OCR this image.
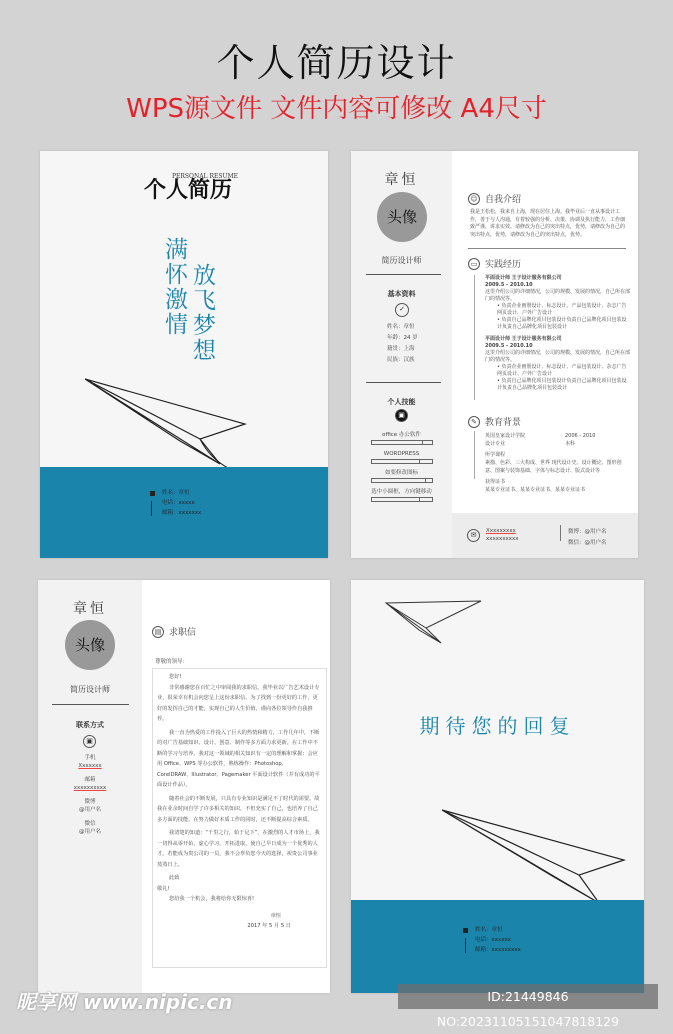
个人简历设计
WPS源文件 文件内容可修改 A4尺寸
个人简历
PERSONAL RESUME
满怀激情 放飞梦想
姓名：章恒
电话：xxxxx
邮箱：xxxxxxx
章恒
头像
简历设计师
基本资料
✓
姓名：章恒
年龄：24 岁
籍贯：上海
民族：汉族
个人技能
▣
office 办公软件
WORDPRESS
如要修改图标
选中小圆框，方向键移动
☺ 自我介绍
我是王松松，我来自上海，现在居住上海。我毕业后一直从事设计工作，善于与人沟通，有着较强的分析、决策、协调及执行能力，工作细致严谨，讲求实效。请修改为自己的突出特点，优势，请修改为自己的突出特点，优势，请修改为自己的突出特点，优势。
▭ 实践经历
平面设计师 王子设计服务有限公司
2009.5 - 2010.10
这里介绍公司的详细情况，公司的规模、发展的情况，自己所在部门的情况等。
• 负责企业画册设计、标志设计、产品包装设计、杂志广告网页设计、户外广告设计
• 负责自己品牌化项目包装设计负责自己品牌化项目包装设计负责自己品牌化项目包装设计
平面设计师 王子设计服务有限公司
2009.5 - 2010.10
这里介绍公司的详细情况，公司的规模、发展的情况，自己所在部门的情况等。
• 负责企业画册设计、标志设计、产品包装设计、杂志广告网页设计、户外广告设计
• 负责自己品牌化项目包装设计负责自己品牌化项目包装设计负责自己品牌化项目包装设计
✎ 教育背景
英国皇家设计学院	2006 - 2010
设计专业	本科
所学课程
素描、色彩、三大构成、世界 现代设计史、设计概论、图形创意、图案与装饰基础、字体与标志设计、版式设计等
获得证书
某某专业证书、某某专业证书、某某专业证书
✉	Xxxxxxxxx
xxxxxxxxxx
微博：@用户名
微信：@用户名
章恒
头像
简历设计师
联系方式
▣
手机
Xxxxxxx
邮箱
xxxxxxxxxx
微博
@用户名
微信
@用户名
▤ 求职信
尊敬的领导：
您好!
非常感谢您在百忙之中审阅我的求职信。我毕业以广告艺术设计专业，很荣幸有机会向您呈上这份求职信。为了找到一份更好的工作，更好的发挥自己的才能，实现自己的人生价值，谨向各位领导作自我推荐。
我一直为热爱的工作投入了巨大的热情和精力，工作几年中，不断的对广告基础知识、设计、创意、制作等多方面力求更新。在工作中不断的学习与培养，我对这一领域的相关知识有一定的理解和掌握：会应用 Office、WPS 等办公软件，熟练操作：Photoshop、CorelDRAW、Illustrator、Pagemaker 平面设计软件（并有成功的平面设计作品）。
随着社会的不断发展，只具有专业知识是满足不了时代的需要。故我在业余时间自学了许多相关的知识，不但充实了自己，也培养了自己多方面的技能。在努力做好本质工作的同时，还不断提高综合素质。
我清楚的知道：“千里之行，始于足下”，在激烈的人才市场上，我一切得从零开始，虚心学习，开拓进取，使自己早日成为一个优秀的人才。若能成为贵公司的一员，我不会辜负您今天的选择，祝贵公司事业蒸蒸日上。
此致
敬礼!
您给我一个机会，我将给你无限惊喜!
章恒
2017 年 5 月 5 日
期待您的回复
姓名：章恒
电话：xxxxxx
邮箱：xxxxxxxxx
昵享网 www.nipic.cn	ID:21449846 NO:20231105151047818129
